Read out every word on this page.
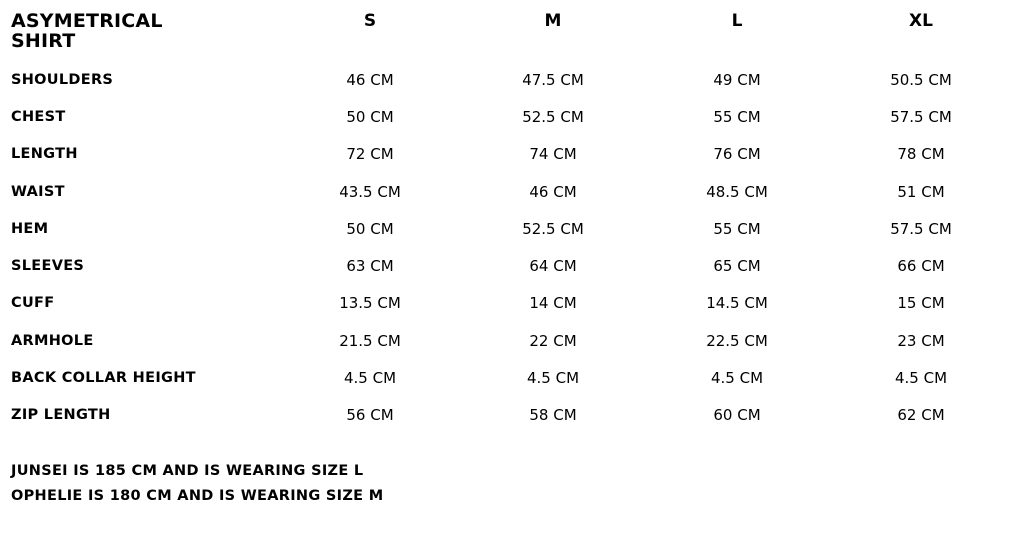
ASYMETRICAL
SHIRT
S	M	L	XL
SHOULDERS	46 CM	47.5 CM	49 CM	50.5 CM
CHEST	50 CM	52.5 CM	55 CM	57.5 CM
LENGTH	72 CM	74 CM	76 CM	78 CM
WAIST	43.5 CM	46 CM	48.5 CM	51 CM
HEM	50 CM	52.5 CM	55 CM	57.5 CM
SLEEVES	63 CM	64 CM	65 CM	66 CM
CUFF	13.5 CM	14 CM	14.5 CM	15 CM
ARMHOLE	21.5 CM	22 CM	22.5 CM	23 CM
BACK COLLAR HEIGHT	4.5 CM	4.5 CM	4.5 CM	4.5 CM
ZIP LENGTH	56 CM	58 CM	60 CM	62 CM
JUNSEI IS 185 CM AND IS WEARING SIZE L
OPHELIE IS 180 CM AND IS WEARING SIZE M
